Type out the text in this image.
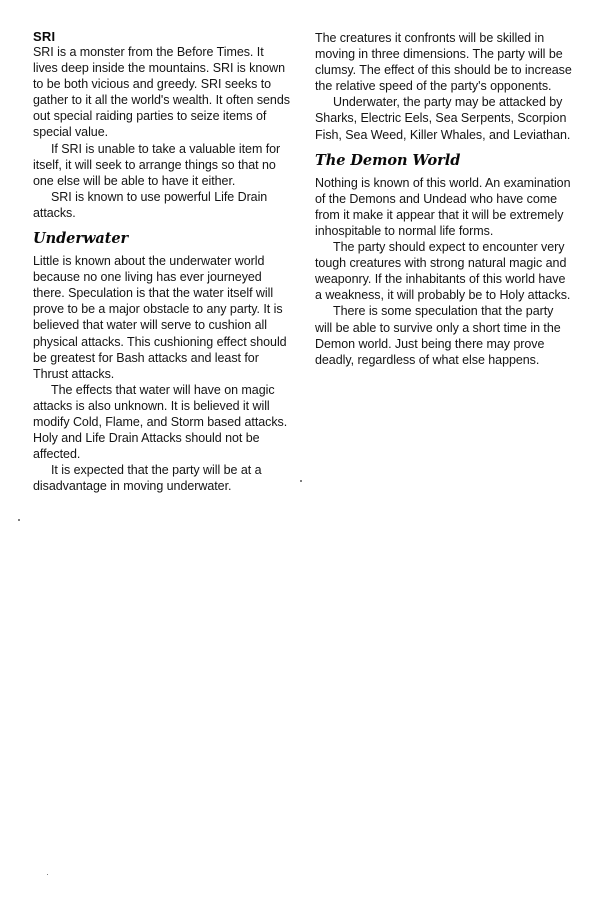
SRI

SRI is a monster from the Before Times. It lives deep inside the mountains. SRI is known to be both vicious and greedy. SRI seeks to gather to it all the world's wealth. It often sends out special raiding parties to seize items of special value.

If SRI is unable to take a valuable item for itself, it will seek to arrange things so that no one else will be able to have it either.

SRI is known to use powerful Life Drain attacks.

Underwater

Little is known about the underwater world because no one living has ever journeyed there. Speculation is that the water itself will prove to be a major obstacle to any party. It is believed that water will serve to cushion all physical attacks. This cushioning effect should be greatest for Bash attacks and least for Thrust attacks.

The effects that water will have on magic attacks is also unknown. It is believed it will modify Cold, Flame, and Storm based attacks. Holy and Life Drain Attacks should not be affected.

It is expected that the party will be at a disadvantage in moving underwater.

The creatures it confronts will be skilled in moving in three dimensions. The party will be clumsy. The effect of this should be to increase the relative speed of the party's opponents.

Underwater, the party may be attacked by Sharks, Electric Eels, Sea Serpents, Scorpion Fish, Sea Weed, Killer Whales, and Leviathan.

The Demon World

Nothing is known of this world. An examination of the Demons and Undead who have come from it make it appear that it will be extremely inhospitable to normal life forms.

The party should expect to encounter very tough creatures with strong natural magic and weaponry. If the inhabitants of this world have a weakness, it will probably be to Holy attacks.

There is some speculation that the party will be able to survive only a short time in the Demon world. Just being there may prove deadly, regardless of what else happens.
